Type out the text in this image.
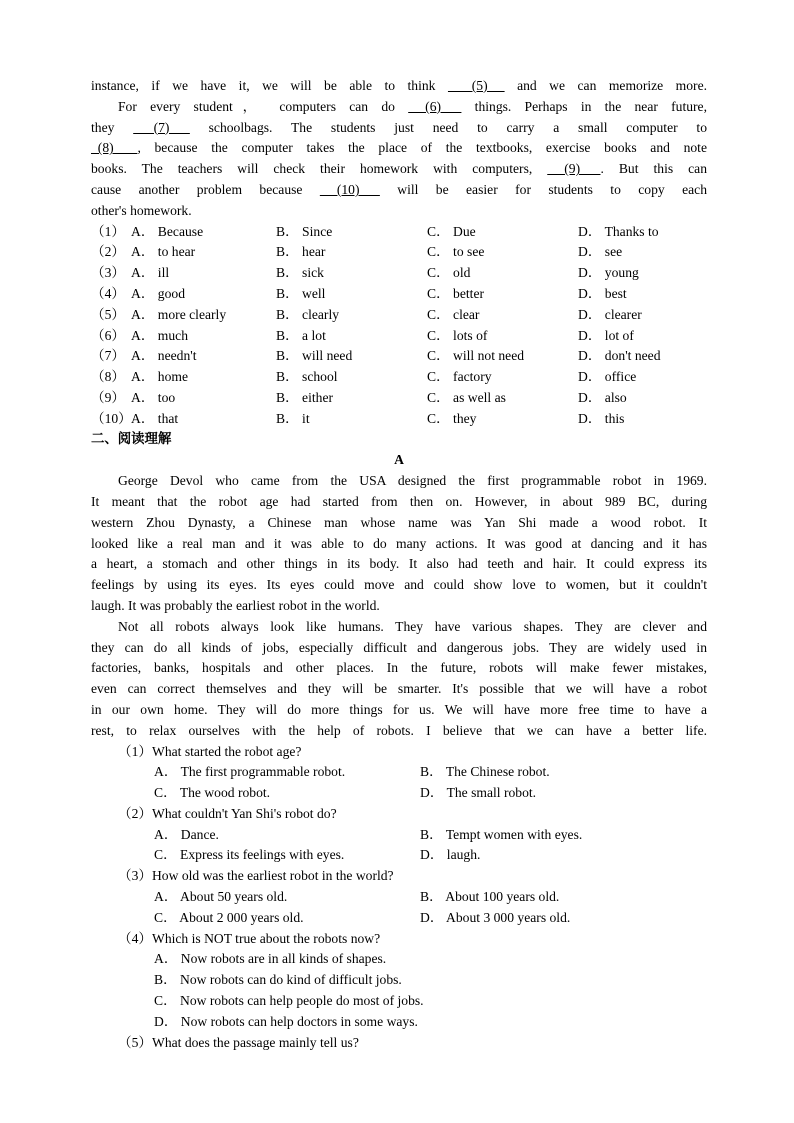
instance, if we have it, we will be able to think        (5)      and we can memorize more.
For every student， computers can do      (6)       things. Perhaps in the near future,
they       (7)       schoolbags. The students just need to carry a small computer to
(8)       , because the computer takes the place of the textbooks, exercise books and note
books. The teachers will check their homework with computers,      (9)      . But this can
cause another problem because      (10)       will be easier for students to copy each
other's homework.
（1） A． Because	B． Since	C． Due	D． Thanks to
（2） A． to hear	B． hear	C． to see	D． see
（3） A． ill	B． sick	C． old	D． young
（4） A． good	B． well	C． better	D． best
（5） A． more clearly	B． clearly	C． clear	D． clearer
（6） A． much	B． a lot	C． lots of	D． lot of
（7） A． needn't	B． will need	C． will not need	D． don't need
（8） A． home	B． school	C． factory	D． office
（9） A． too	B． either	C． as well as	D． also
（10） A． that	B． it	C． they	D． this
二、阅读理解
A
George Devol who came from the USA designed the first programmable robot in 1969.
It meant that the robot age had started from then on. However, in about 989 BC, during
western Zhou Dynasty, a Chinese man whose name was Yan Shi made a wood robot. It
looked like a real man and it was able to do many actions. It was good at dancing and it has
a heart, a stomach and other things in its body. It also had teeth and hair. It could express its
feelings by using its eyes. Its eyes could move and could show love to women, but it couldn't
laugh. It was probably the earliest robot in the world.
Not all robots always look like humans. They have various shapes. They are clever and
they can do all kinds of jobs, especially difficult and dangerous jobs. They are widely used in
factories, banks, hospitals and other places. In the future, robots will make fewer mistakes,
even can correct themselves and they will be smarter. It's possible that we will have a robot
in our own home. They will do more things for us. We will have more free time to have a
rest, to relax ourselves with the help of robots. I believe that we can have a better life.
（1）What started the robot age?
A． The first programmable robot.	B． The Chinese robot.
C． The wood robot.	D． The small robot.
（2）What couldn't Yan Shi's robot do?
A． Dance.	B． Tempt women with eyes.
C． Express its feelings with eyes.	D． laugh.
（3）How old was the earliest robot in the world?
A． About 50 years old.	B． About 100 years old.
C． About 2 000 years old.	D． About 3 000 years old.
（4）Which is NOT true about the robots now?
A． Now robots are in all kinds of shapes.
B． Now robots can do kind of difficult jobs.
C． Now robots can help people do most of jobs.
D． Now robots can help doctors in some ways.
（5）What does the passage mainly tell us?
